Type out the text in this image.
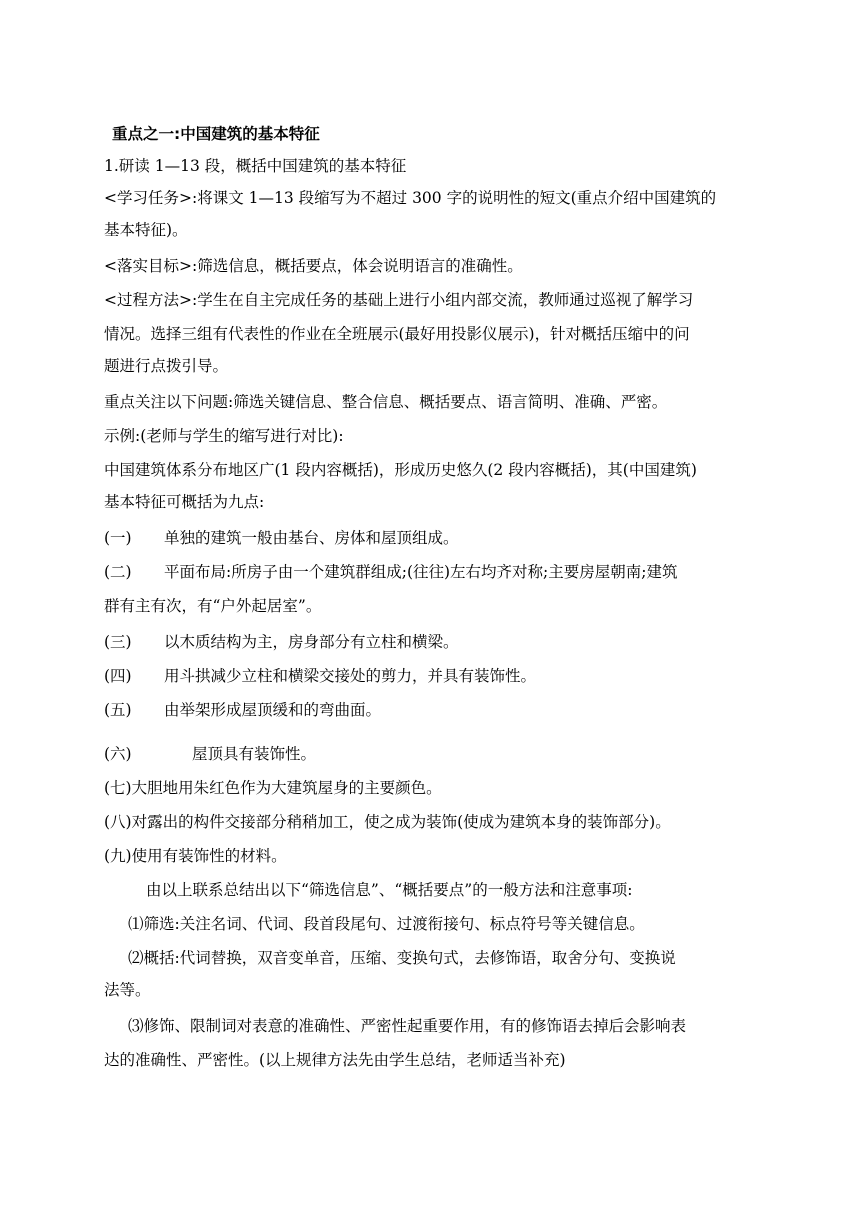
重点之一:中国建筑的基本特征
1.研读 1—13 段，概括中国建筑的基本特征
<学习任务>:将课文 1—13 段缩写为不超过 300 字的说明性的短文(重点介绍中国建筑的
基本特征)。
<落实目标>:筛选信息，概括要点，体会说明语言的准确性。
<过程方法>:学生在自主完成任务的基础上进行小组内部交流，教师通过巡视了解学习
情况。选择三组有代表性的作业在全班展示(最好用投影仪展示)，针对概括压缩中的问
题进行点拨引导。
重点关注以下问题:筛选关键信息、整合信息、概括要点、语言简明、准确、严密。
示例:(老师与学生的缩写进行对比):
中国建筑体系分布地区广(1 段内容概括)，形成历史悠久(2 段内容概括)，其(中国建筑)
基本特征可概括为九点:
(一) 单独的建筑一般由基台、房体和屋顶组成。
(二) 平面布局:所房子由一个建筑群组成;(往往)左右均齐对称;主要房屋朝南;建筑
群有主有次，有“户外起居室”。
(三) 以木质结构为主，房身部分有立柱和横梁。
(四) 用斗拱减少立柱和横梁交接处的剪力，并具有装饰性。
(五) 由举架形成屋顶缓和的弯曲面。
(六)	屋顶具有装饰性。
(七)大胆地用朱红色作为大建筑屋身的主要颜色。
(八)对露出的构件交接部分稍稍加工，使之成为装饰(使成为建筑本身的装饰部分)。
(九)使用有装饰性的材料。
由以上联系总结出以下“筛选信息”、“概括要点”的一般方法和注意事项:
⑴筛选:关注名词、代词、段首段尾句、过渡衔接句、标点符号等关键信息。
⑵概括:代词替换，双音变单音，压缩、变换句式，去修饰语，取舍分句、变换说
法等。
⑶修饰、限制词对表意的准确性、严密性起重要作用，有的修饰语去掉后会影响表
达的准确性、严密性。(以上规律方法先由学生总结，老师适当补充)
